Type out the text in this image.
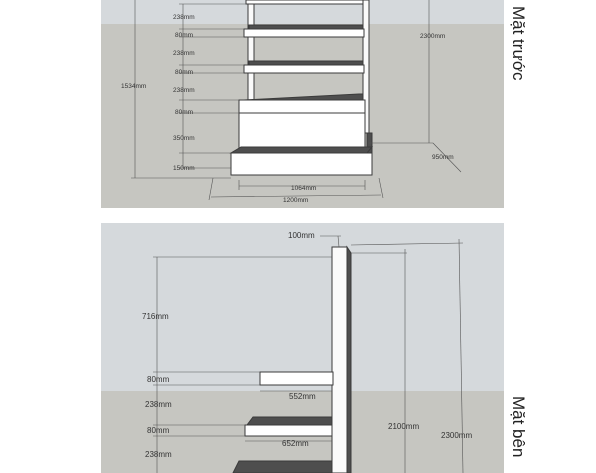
238mm
80mm
238mm
80mm
238mm
80mm
350mm
150mm
1534mm
2300mm
950mm
1064mm
1200mm
Mặt trước
100mm
716mm
80mm
552mm
238mm
80mm
652mm
238mm
2100mm
2300mm Mặt bên
